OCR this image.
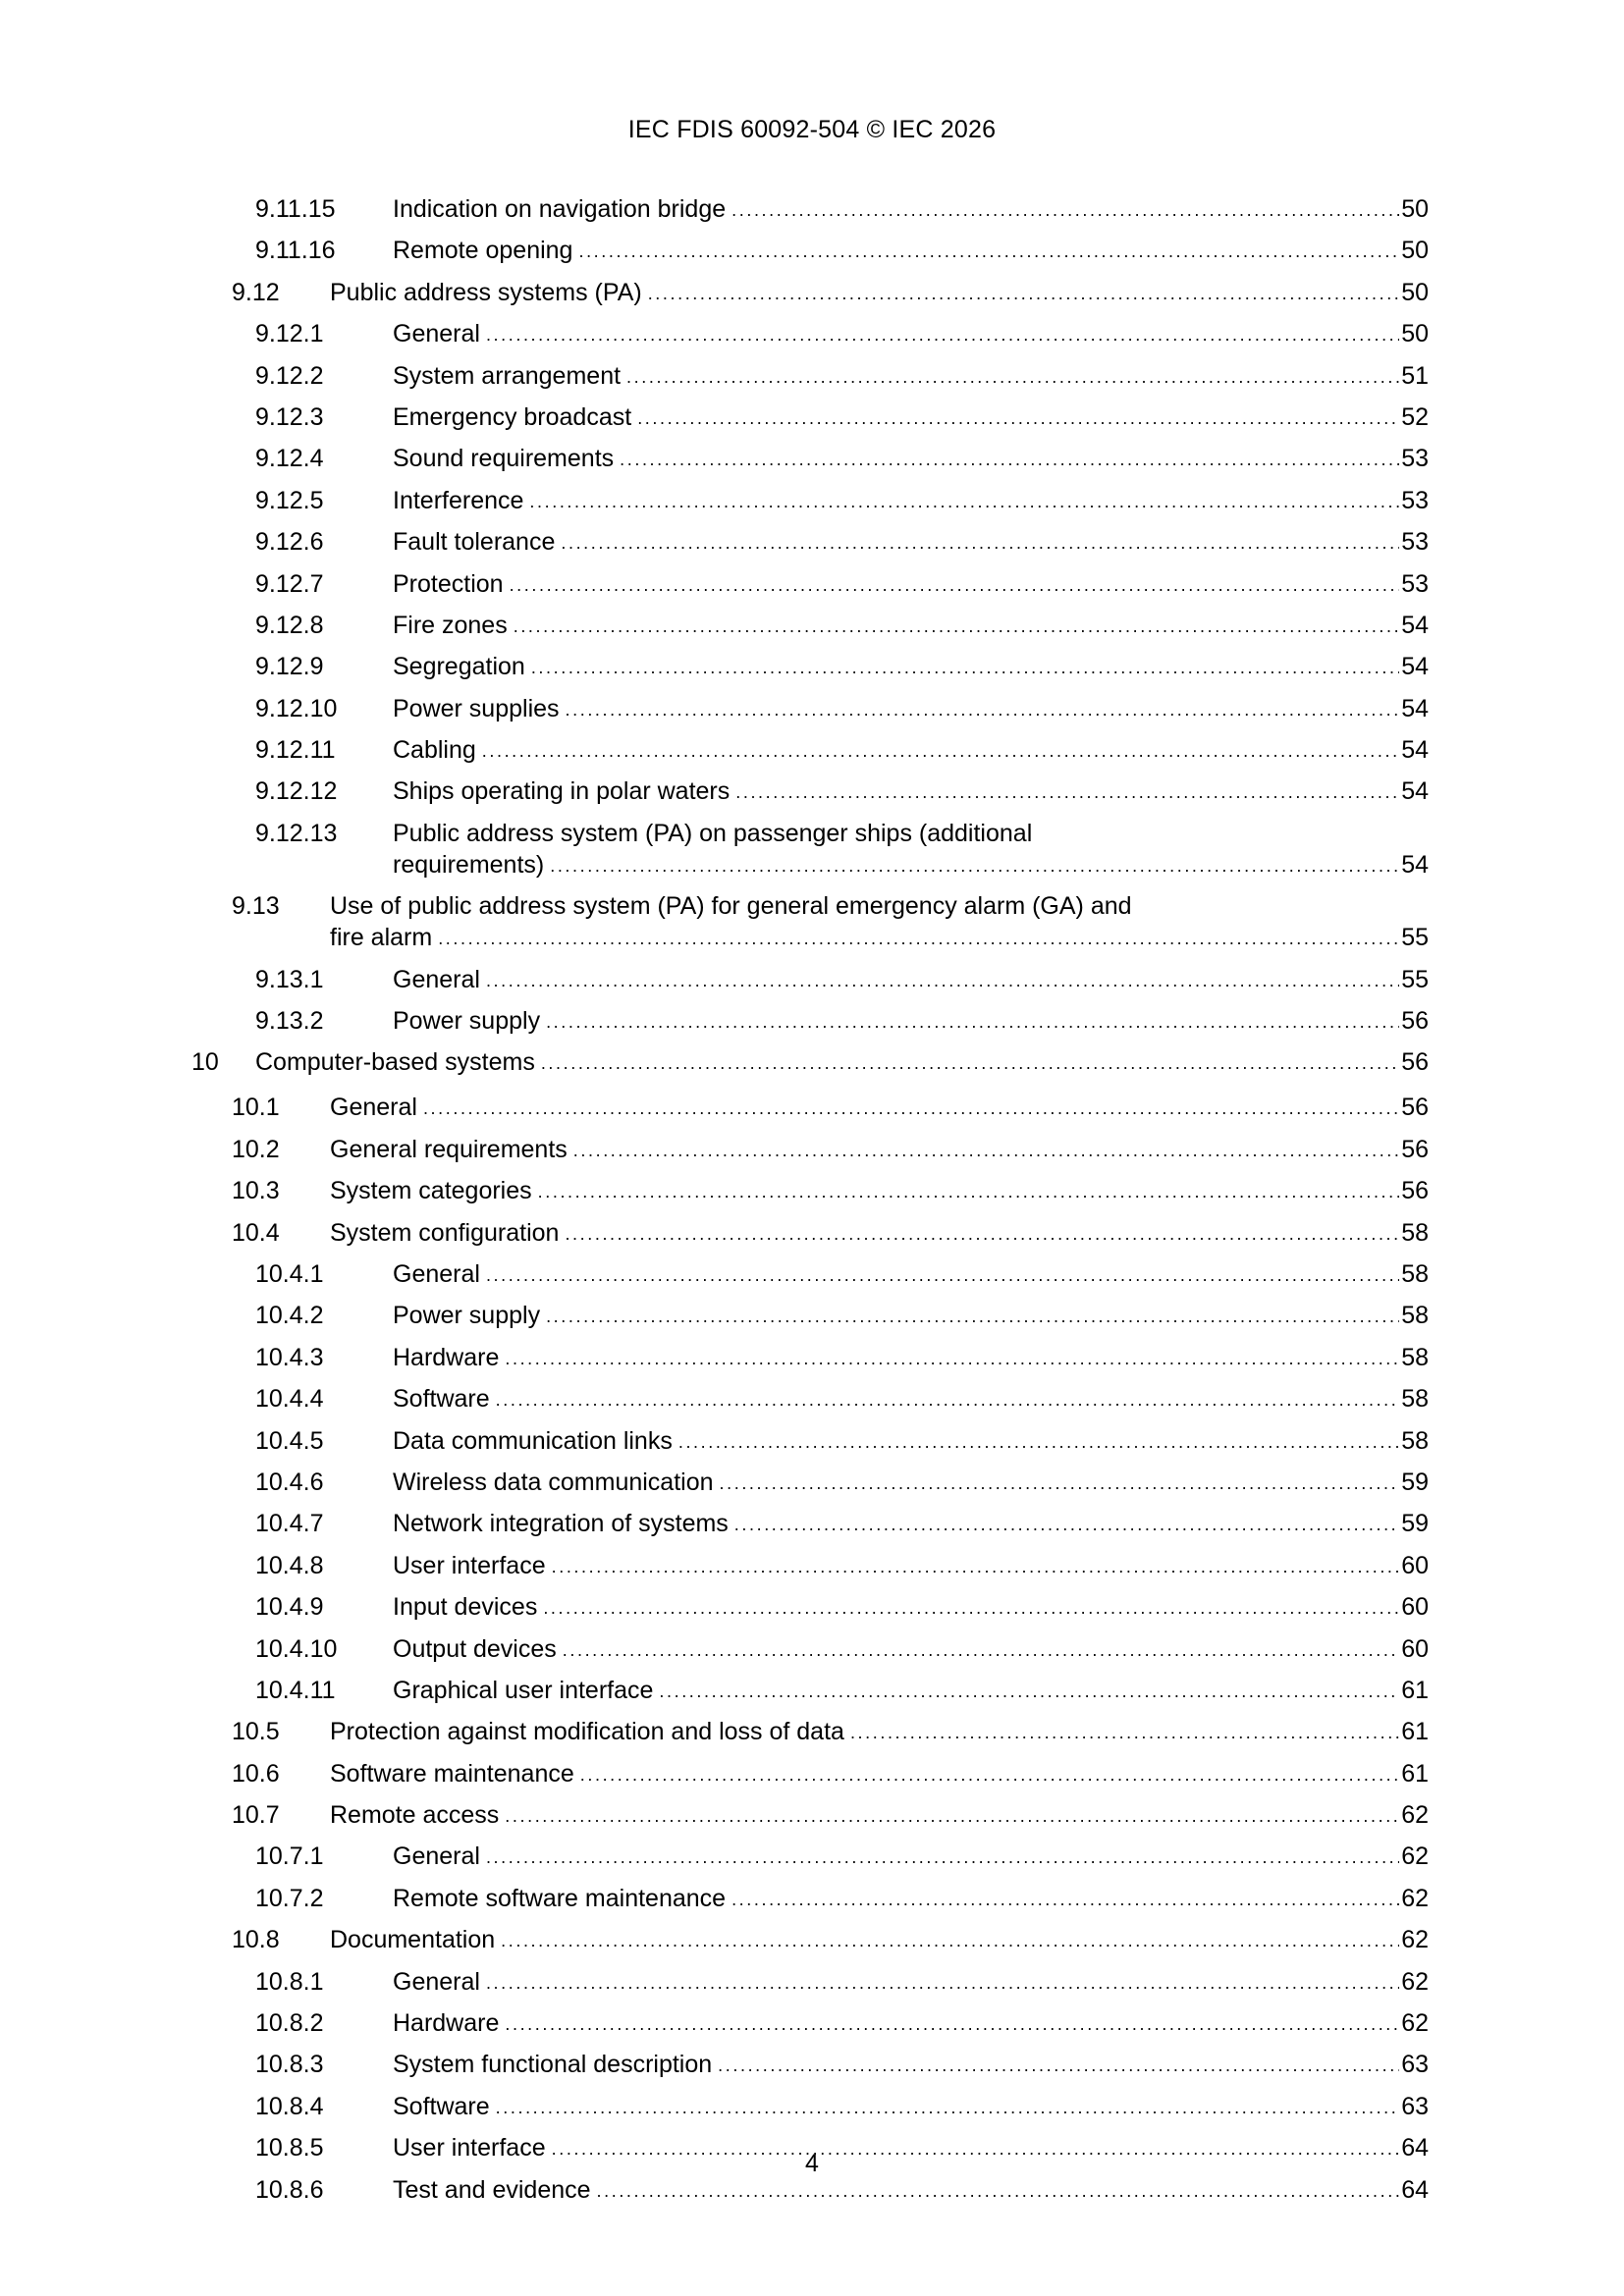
IEC FDIS 60092-504 © IEC 2026
9.11.15 Indication on navigation bridge .....	50
9.11.16 Remote opening .....	50
9.12 Public address systems (PA) .....	50
9.12.1	General .....	50
9.12.2	System arrangement .....	51
9.12.3	Emergency broadcast .....	52
9.12.4	Sound requirements .....	53
9.12.5	Interference .....	53
9.12.6	Fault tolerance .....	53
9.12.7	Protection .....	53
9.12.8	Fire zones .....	54
9.12.9	Segregation .....	54
9.12.10 Power supplies .....	54
9.12.11 Cabling .....	54
9.12.12 Ships operating in polar waters .....	54
9.12.13 Public address system (PA) on passenger ships (additional
requirements) .....	54
9.13 Use of public address system (PA) for general emergency alarm (GA) and
fire alarm .....	55
9.13.1	General .....	55
9.13.2	Power supply .....	56
10 Computer-based systems .....	56
10.1 General .....	56
10.2 General requirements .....	56
10.3 System categories .....	56
10.4 System configuration .....	58
10.4.1	General .....	58
10.4.2	Power supply .....	58
10.4.3	Hardware .....	58
10.4.4	Software .....	58
10.4.5	Data communication links .....	58
10.4.6	Wireless data communication .....	59
10.4.7	Network integration of systems .....	59
10.4.8	User interface .....	60
10.4.9	Input devices .....	60
10.4.10 Output devices .....	60
10.4.11 Graphical user interface .....	61
10.5 Protection against modification and loss of data .....	61
10.6 Software maintenance .....	61
10.7 Remote access .....	62
10.7.1	General .....	62
10.7.2	Remote software maintenance .....	62
10.8 Documentation .....	62
10.8.1	General .....	62
10.8.2	Hardware .....	62
10.8.3	System functional description .....	63
10.8.4	Software .....	63
10.8.5	User interface .....	64
10.8.6	Test and evidence .....	64
4
